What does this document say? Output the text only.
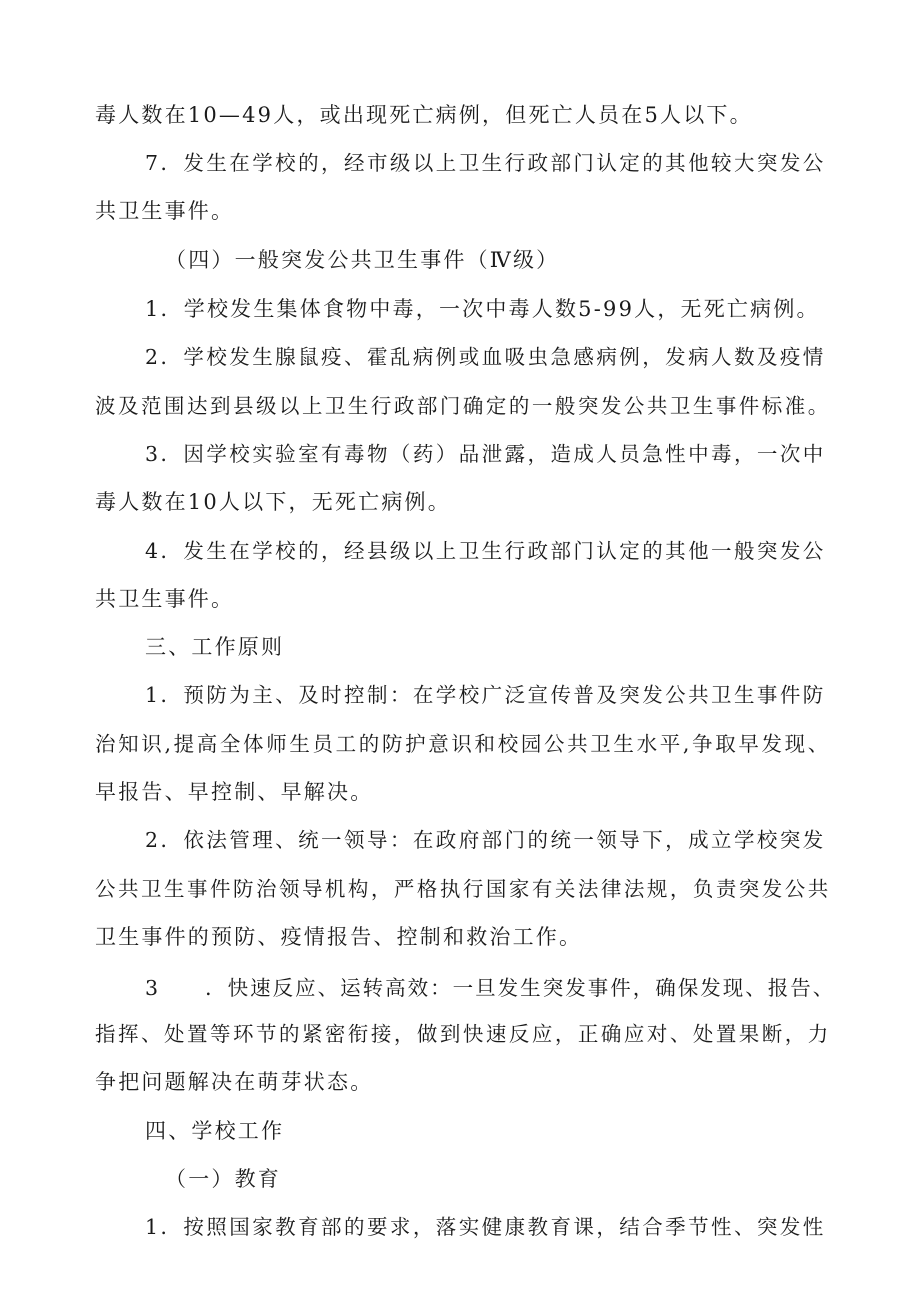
毒人数在10—49人，或出现死亡病例，但死亡人员在5人以下。

7．发生在学校的，经市级以上卫生行政部门认定的其他较大突发公

共卫生事件。

（四）一般突发公共卫生事件（Ⅳ级）

1．学校发生集体食物中毒，一次中毒人数5-99人，无死亡病例。

2．学校发生腺鼠疫、霍乱病例或血吸虫急感病例，发病人数及疫情

波及范围达到县级以上卫生行政部门确定的一般突发公共卫生事件标准。

3．因学校实验室有毒物（药）品泄露，造成人员急性中毒，一次中

毒人数在10人以下，无死亡病例。

4．发生在学校的，经县级以上卫生行政部门认定的其他一般突发公

共卫生事件。

三、工作原则

1．预防为主、及时控制：在学校广泛宣传普及突发公共卫生事件防

治知识,提高全体师生员工的防护意识和校园公共卫生水平,争取早发现、

早报告、早控制、早解决。

2．依法管理、统一领导：在政府部门的统一领导下，成立学校突发

公共卫生事件防治领导机构，严格执行国家有关法律法规，负责突发公共

卫生事件的预防、疫情报告、控制和救治工作。

3　　．快速反应、运转高效：一旦发生突发事件，确保发现、报告、

指挥、处置等环节的紧密衔接，做到快速反应，正确应对、处置果断，力

争把问题解决在萌芽状态。

四、学校工作

（一）教育

1．按照国家教育部的要求，落实健康教育课，结合季节性、突发性
